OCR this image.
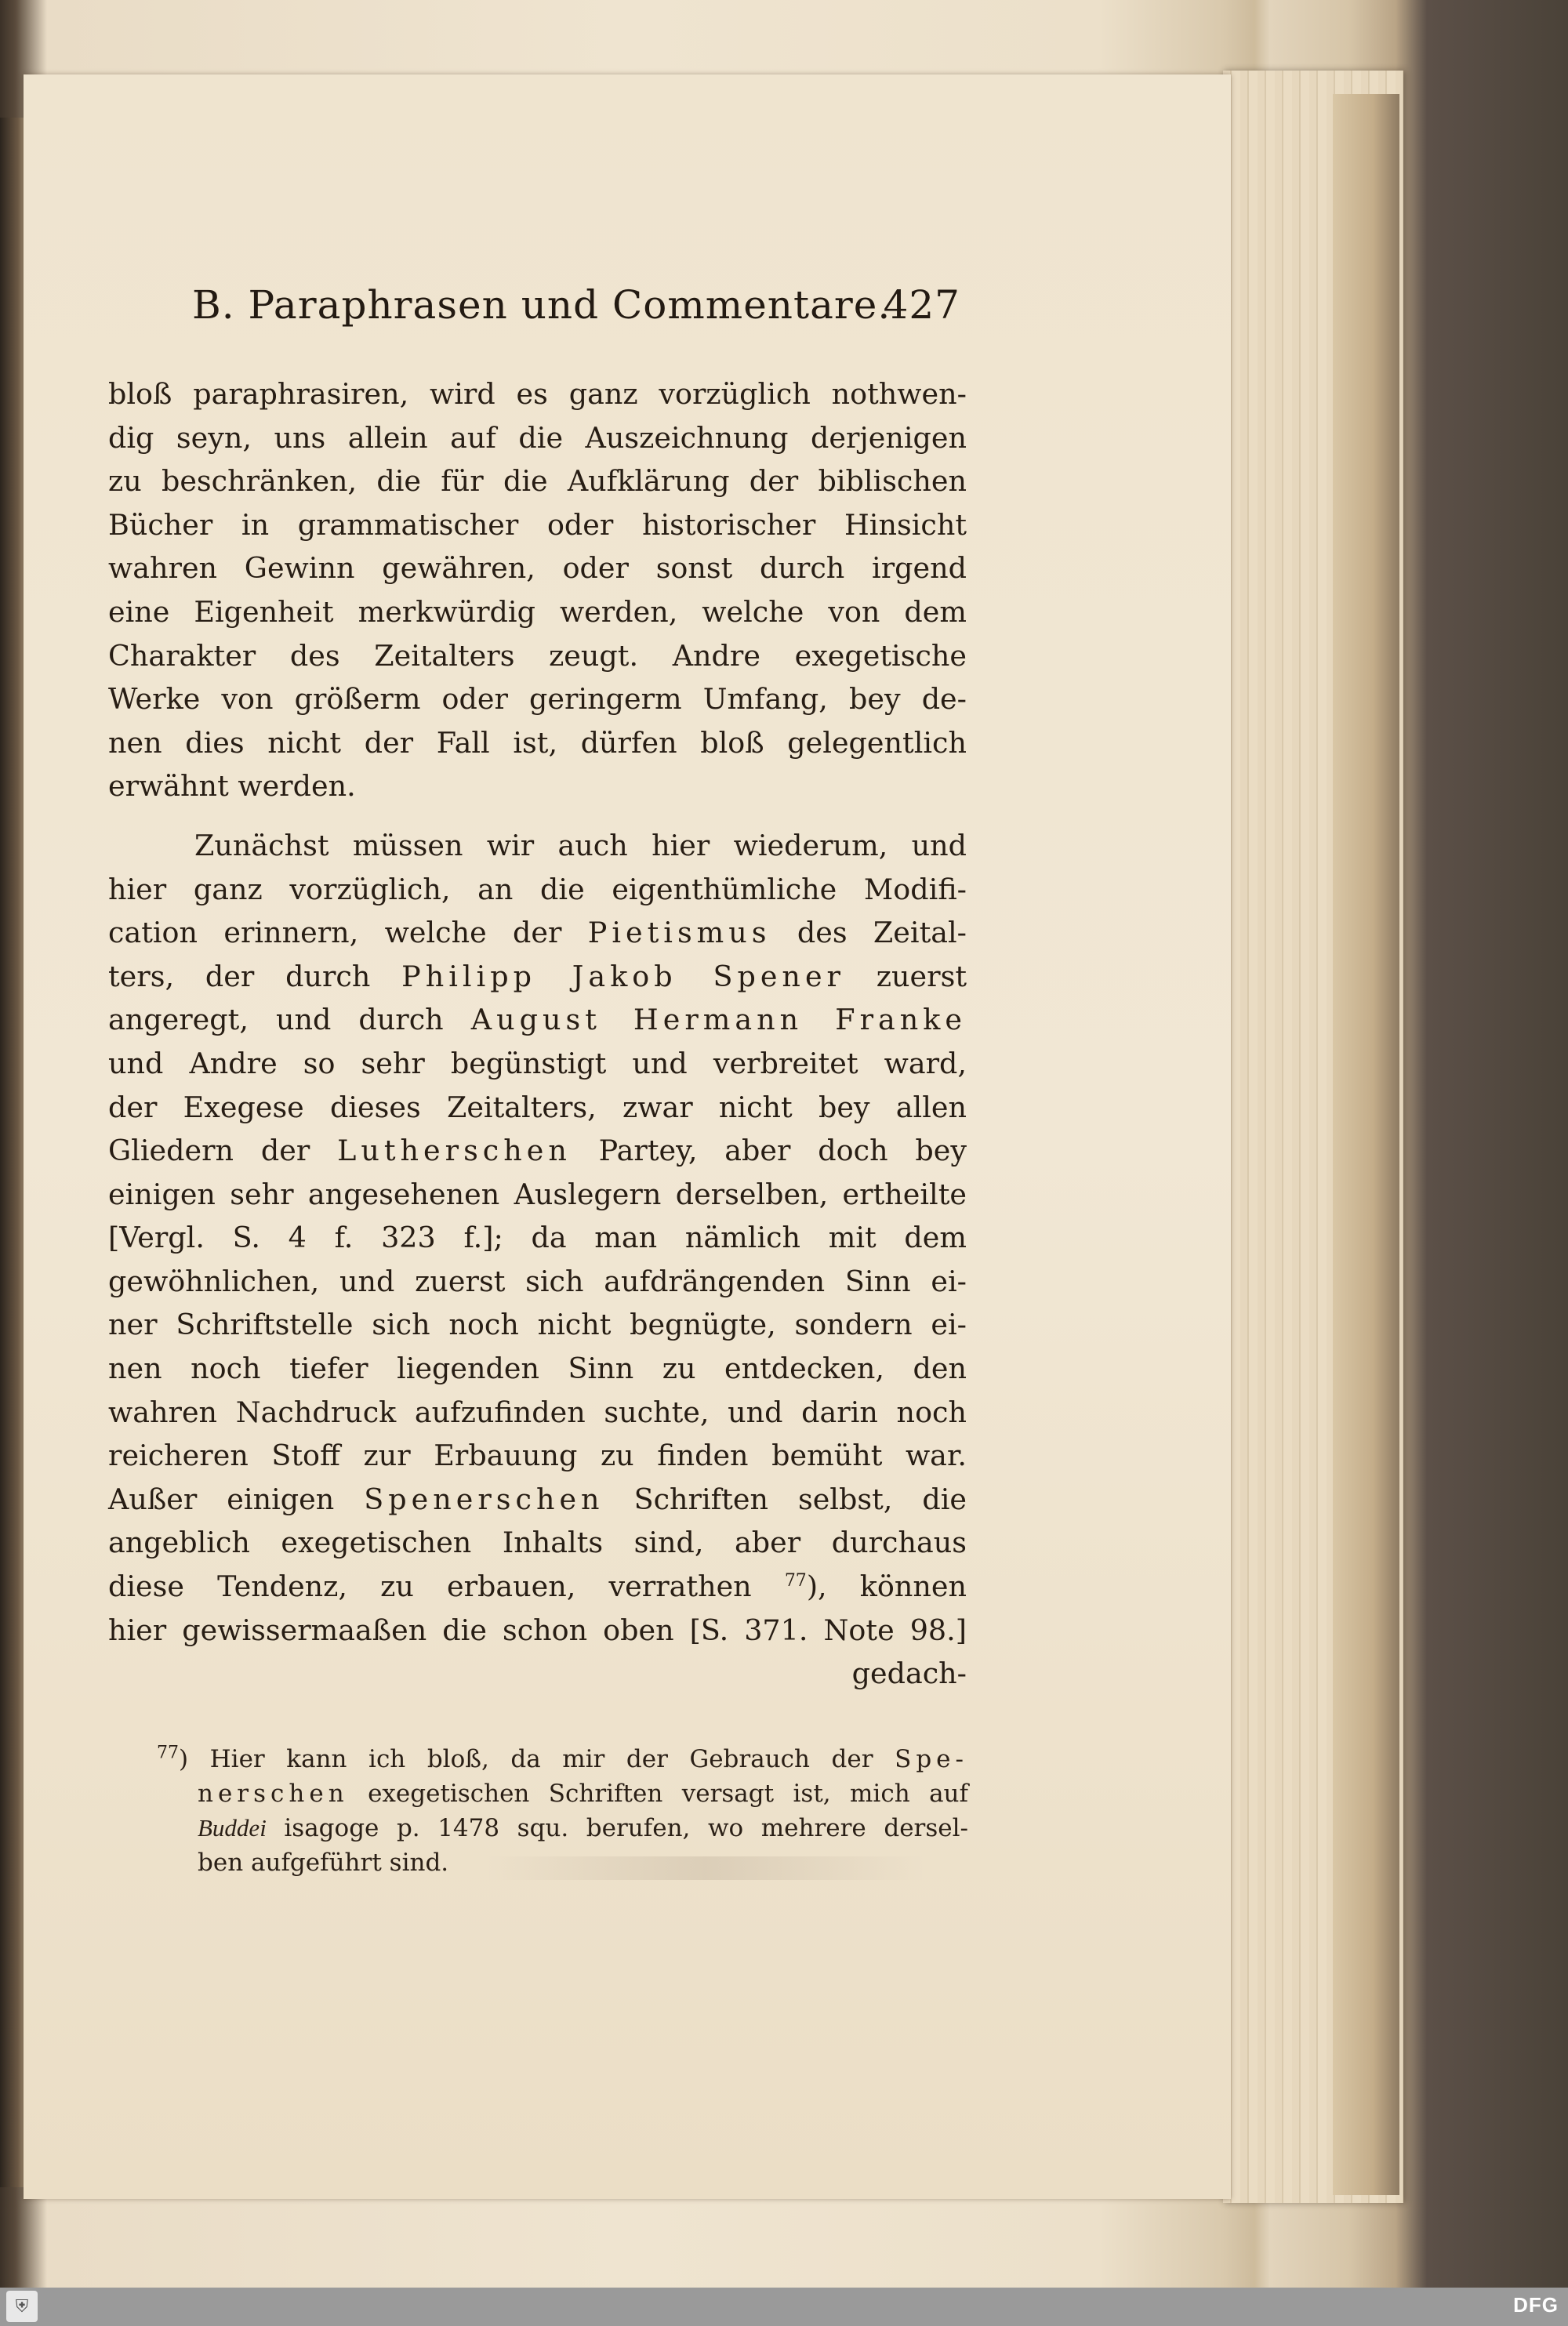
B. Paraphrasen und Commentare.
427
bloß paraphrasiren, wird es ganz vorzüglich nothwen-
dig seyn, uns allein auf die Auszeichnung derjenigen
zu beschränken, die für die Aufklärung der biblischen
Bücher in grammatischer oder historischer Hinsicht
wahren Gewinn gewähren, oder sonst durch irgend
eine Eigenheit merkwürdig werden, welche von dem
Charakter des Zeitalters zeugt. Andre exegetische
Werke von größerm oder geringerm Umfang, bey de-
nen dies nicht der Fall ist, dürfen bloß gelegentlich
erwähnt werden.
Zunächst müssen wir auch hier wiederum, und
hier ganz vorzüglich, an die eigenthümliche Modifi-
cation erinnern, welche der Pietismus des Zeital-
ters, der durch Philipp Jakob Spener zuerst
angeregt, und durch August Hermann Franke
und Andre so sehr begünstigt und verbreitet ward,
der Exegese dieses Zeitalters, zwar nicht bey allen
Gliedern der Lutherschen Partey, aber doch bey
einigen sehr angesehenen Auslegern derselben, ertheilte
[Vergl. S. 4 f. 323 f.]; da man nämlich mit dem
gewöhnlichen, und zuerst sich aufdrängenden Sinn ei-
ner Schriftstelle sich noch nicht begnügte, sondern ei-
nen noch tiefer liegenden Sinn zu entdecken, den
wahren Nachdruck aufzufinden suchte, und darin noch
reicheren Stoff zur Erbauung zu finden bemüht war.
Außer einigen Spenerschen Schriften selbst, die
angeblich exegetischen Inhalts sind, aber durchaus
diese Tendenz, zu erbauen, verrathen $^{77}$), können
hier gewissermaaßen die schon oben [S. 371. Note 98.]
gedach-
$^{77}$) Hier kann ich bloß, da mir der Gebrauch der Spe-
nerschen exegetischen Schriften versagt ist, mich auf
Buddei isagoge p. 1478 squ. berufen, wo mehrere dersel-
ben aufgeführt sind.
⛨	DFG
